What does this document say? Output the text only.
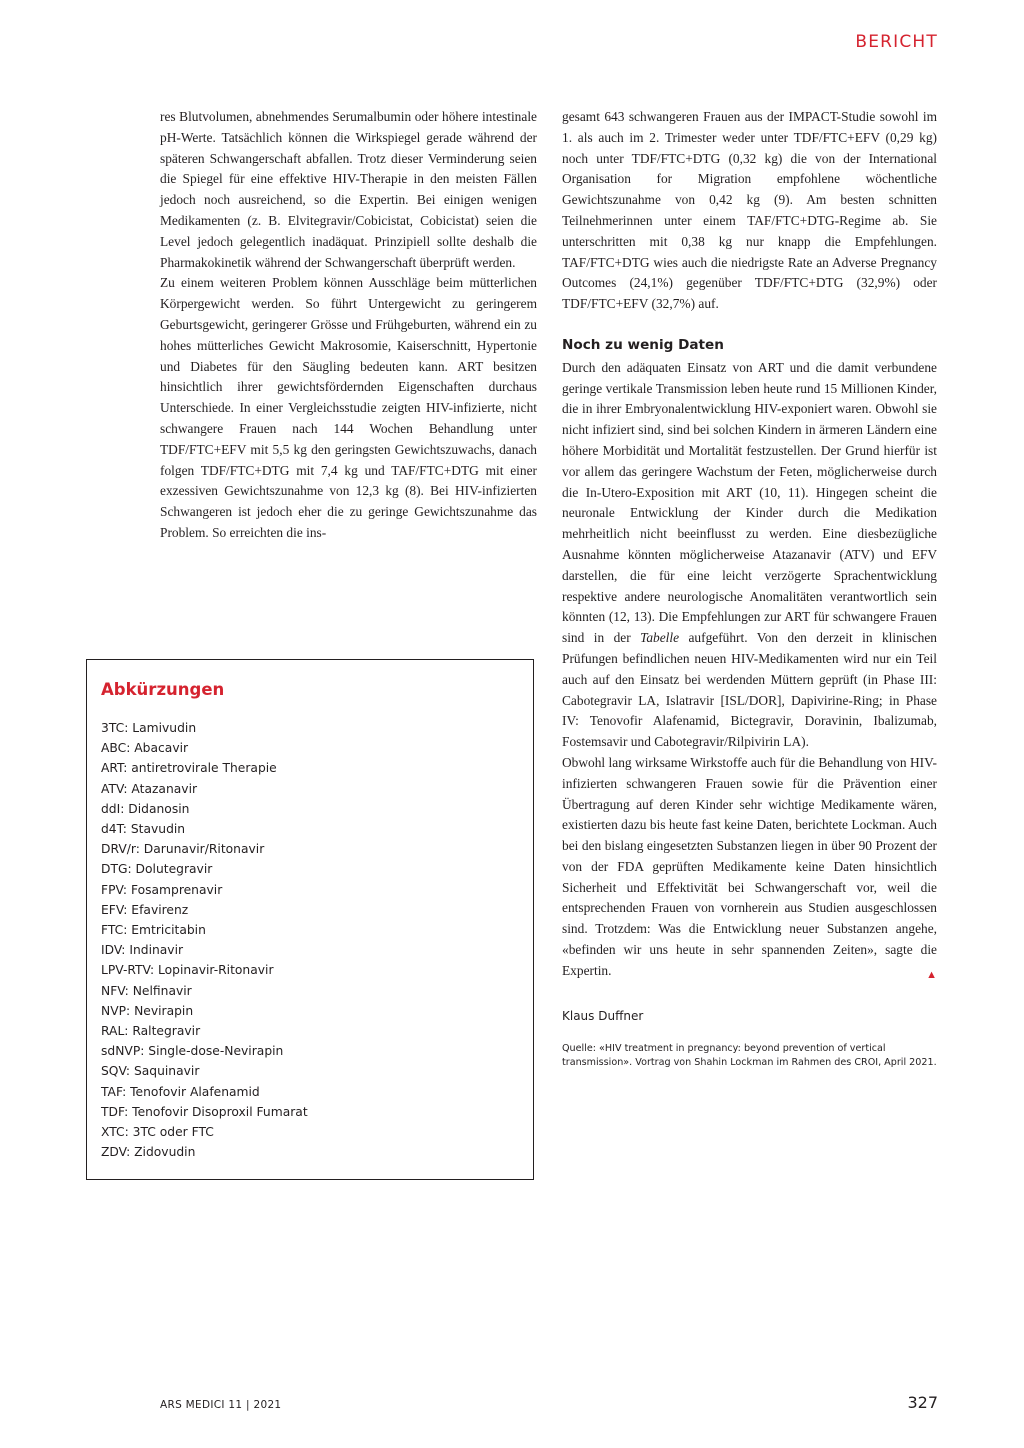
BERICHT

res Blutvolumen, abnehmendes Serumalbumin oder höhere intestinale pH-Werte. Tatsächlich können die Wirkspiegel gerade während der späteren Schwangerschaft abfallen. Trotz dieser Verminderung seien die Spiegel für eine effektive HIV-Therapie in den meisten Fällen jedoch noch ausreichend, so die Expertin. Bei einigen wenigen Medikamenten (z. B. Elvitegravir/Cobicistat, Cobicistat) seien die Level jedoch gelegentlich inadäquat. Prinzipiell sollte deshalb die Pharmakokinetik während der Schwangerschaft überprüft werden.

Zu einem weiteren Problem können Ausschläge beim mütterlichen Körpergewicht werden. So führt Untergewicht zu geringerem Geburtsgewicht, geringerer Grösse und Frühgeburten, während ein zu hohes mütterliches Gewicht Makrosomie, Kaiserschnitt, Hypertonie und Diabetes für den Säugling bedeuten kann. ART besitzen hinsichtlich ihrer gewichtsfördernden Eigenschaften durchaus Unterschiede. In einer Vergleichsstudie zeigten HIV-infizierte, nicht schwangere Frauen nach 144 Wochen Behandlung unter TDF/FTC+EFV mit 5,5 kg den geringsten Gewichtszuwachs, danach folgen TDF/FTC+DTG mit 7,4 kg und TAF/FTC+DTG mit einer exzessiven Gewichtszunahme von 12,3 kg (8). Bei HIV-infizierten Schwangeren ist jedoch eher die zu geringe Gewichtszunahme das Problem. So erreichten die ins-

gesamt 643 schwangeren Frauen aus der IMPACT-Studie sowohl im 1. als auch im 2. Trimester weder unter TDF/FTC+EFV (0,29 kg) noch unter TDF/FTC+DTG (0,32 kg) die von der International Organisation for Migration empfohlene wöchentliche Gewichtszunahme von 0,42 kg (9). Am besten schnitten Teilnehmerinnen unter einem TAF/FTC+DTG-Regime ab. Sie unterschritten mit 0,38 kg nur knapp die Empfehlungen. TAF/FTC+DTG wies auch die niedrigste Rate an Adverse Pregnancy Outcomes (24,1%) gegenüber TDF/FTC+DTG (32,9%) oder TDF/FTC+EFV (32,7%) auf.

Noch zu wenig Daten

Durch den adäquaten Einsatz von ART und die damit verbundene geringe vertikale Transmission leben heute rund 15 Millionen Kinder, die in ihrer Embryonalentwicklung HIV-exponiert waren. Obwohl sie nicht infiziert sind, sind bei solchen Kindern in ärmeren Ländern eine höhere Morbidität und Mortalität festzustellen. Der Grund hierfür ist vor allem das geringere Wachstum der Feten, möglicherweise durch die In-Utero-Exposition mit ART (10, 11). Hingegen scheint die neuronale Entwicklung der Kinder durch die Medikation mehrheitlich nicht beeinflusst zu werden. Eine diesbezügliche Ausnahme könnten möglicherweise Atazanavir (ATV) und EFV darstellen, die für eine leicht verzögerte Sprachentwicklung respektive andere neurologische Anomalitäten verantwortlich sein könnten (12, 13). Die Empfehlungen zur ART für schwangere Frauen sind in der Tabelle aufgeführt. Von den derzeit in klinischen Prüfungen befindlichen neuen HIV-Medikamenten wird nur ein Teil auch auf den Einsatz bei werdenden Müttern geprüft (in Phase III: Cabotegravir LA, Islatravir [ISL/DOR], Dapivirine-Ring; in Phase IV: Tenovofir Alafenamid, Bictegravir, Doravinin, Ibalizumab, Fostemsavir und Cabotegravir/Rilpivirin LA).

Obwohl lang wirksame Wirkstoffe auch für die Behandlung von HIV-infizierten schwangeren Frauen sowie für die Prävention einer Übertragung auf deren Kinder sehr wichtige Medikamente wären, existierten dazu bis heute fast keine Daten, berichtete Lockman. Auch bei den bislang eingesetzten Substanzen liegen in über 90 Prozent der von der FDA geprüften Medikamente keine Daten hinsichtlich Sicherheit und Effektivität bei Schwangerschaft vor, weil die entsprechenden Frauen von vornherein aus Studien ausgeschlossen sind. Trotzdem: Was die Entwicklung neuer Substanzen angehe, «befinden wir uns heute in sehr spannenden Zeiten», sagte die Expertin.	▲

Klaus Duffner
Quelle: «HIV treatment in pregnancy: beyond prevention of vertical transmission». Vortrag von Shahin Lockman im Rahmen des CROI, April 2021.
Abkürzungen
3TC: Lamivudin
ABC: Abacavir
ART: antiretrovirale Therapie
ATV: Atazanavir
ddI: Didanosin
d4T: Stavudin
DRV/r: Darunavir/Ritonavir
DTG: Dolutegravir
FPV: Fosamprenavir
EFV: Efavirenz
FTC: Emtricitabin
IDV: Indinavir
LPV-RTV: Lopinavir-Ritonavir
NFV: Nelfinavir
NVP: Nevirapin
RAL: Raltegravir
sdNVP: Single-dose-Nevirapin
SQV: Saquinavir
TAF: Tenofovir Alafenamid
TDF: Tenofovir Disoproxil Fumarat
XTC: 3TC oder FTC
ZDV: Zidovudin
ARS MEDICI 11 | 2021	327
